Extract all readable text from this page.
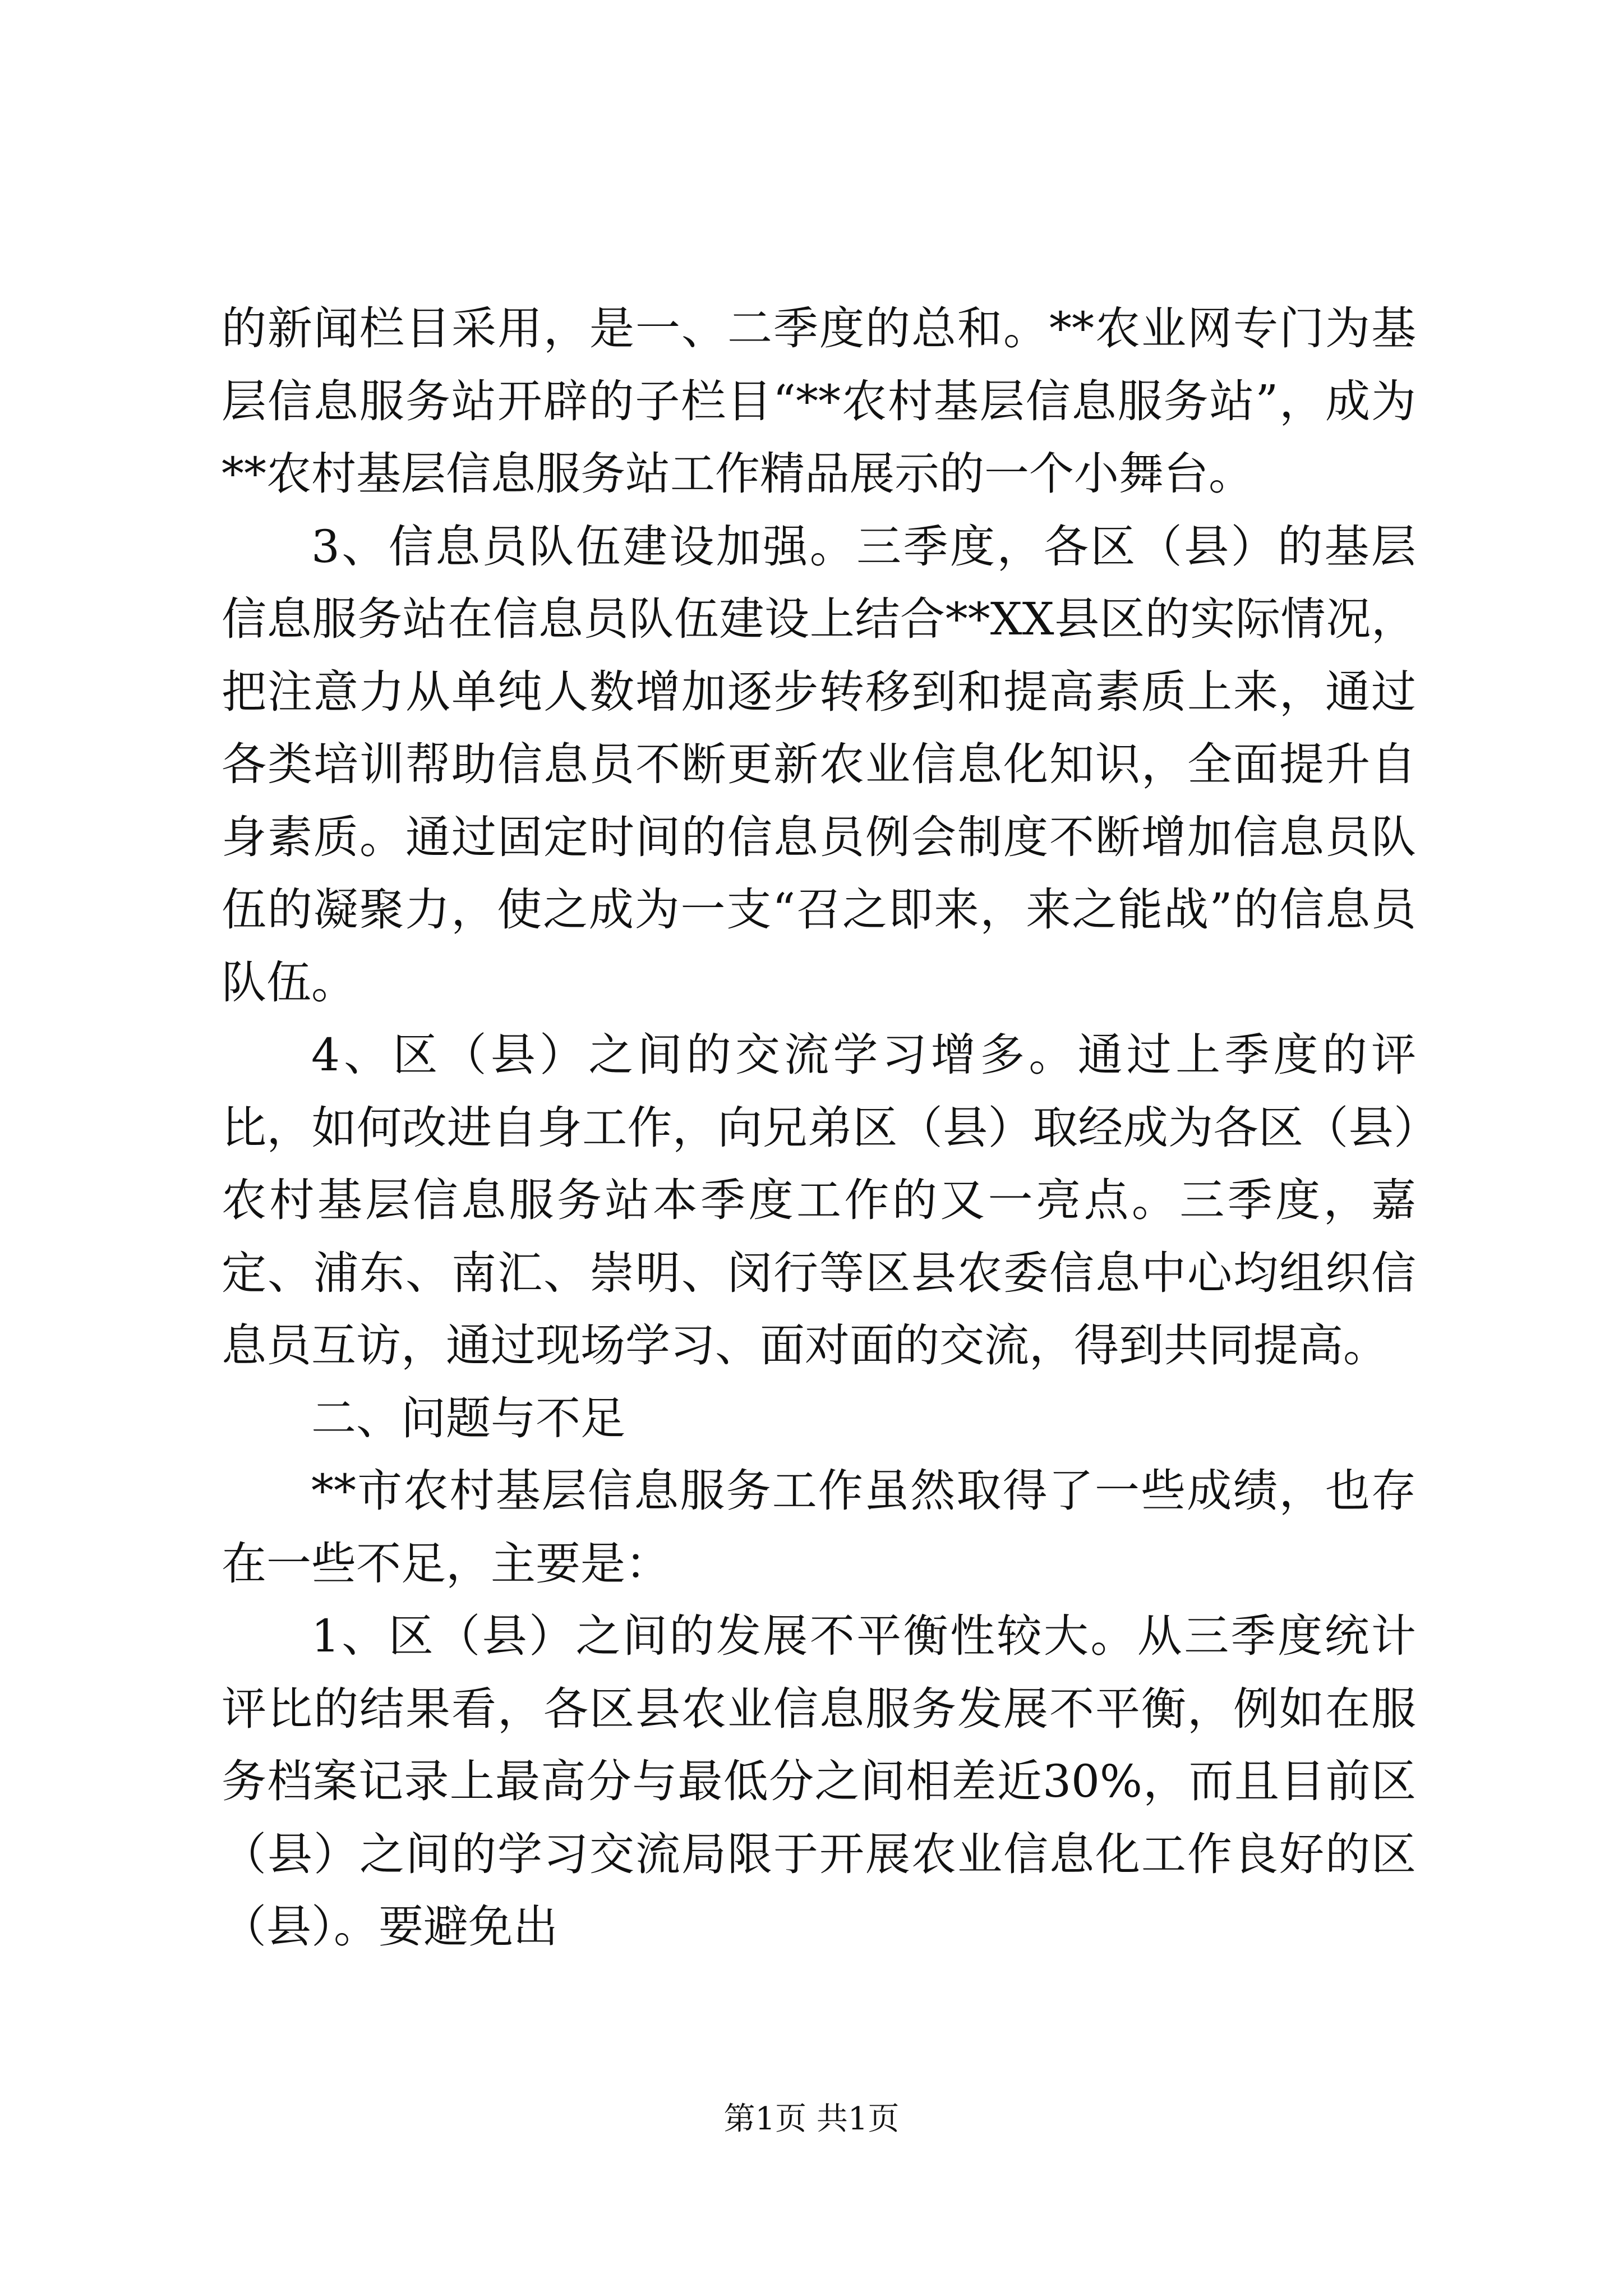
的新闻栏目采用，是一、二季度的总和。**农业网专门为基层信息服务站开辟的子栏目“**农村基层信息服务站”，成为**农村基层信息服务站工作精品展示的一个小舞台。

3、信息员队伍建设加强。三季度，各区（县）的基层信息服务站在信息员队伍建设上结合**XX县区的实际情况，把注意力从单纯人数增加逐步转移到和提高素质上来，通过各类培训帮助信息员不断更新农业信息化知识，全面提升自身素质。通过固定时间的信息员例会制度不断增加信息员队伍的凝聚力，使之成为一支“召之即来，来之能战”的信息员队伍。

4、区（县）之间的交流学习增多。通过上季度的评比，如何改进自身工作，向兄弟区（县）取经成为各区（县）农村基层信息服务站本季度工作的又一亮点。三季度，嘉定、浦东、南汇、崇明、闵行等区县农委信息中心均组织信息员互访，通过现场学习、面对面的交流，得到共同提高。

二、问题与不足

**市农村基层信息服务工作虽然取得了一些成绩，也存在一些不足，主要是：

1、区（县）之间的发展不平衡性较大。从三季度统计评比的结果看，各区县农业信息服务发展不平衡，例如在服务档案记录上最高分与最低分之间相差近30%，而且目前区（县）之间的学习交流局限于开展农业信息化工作良好的区（县）。要避免出

第1页 共1页
